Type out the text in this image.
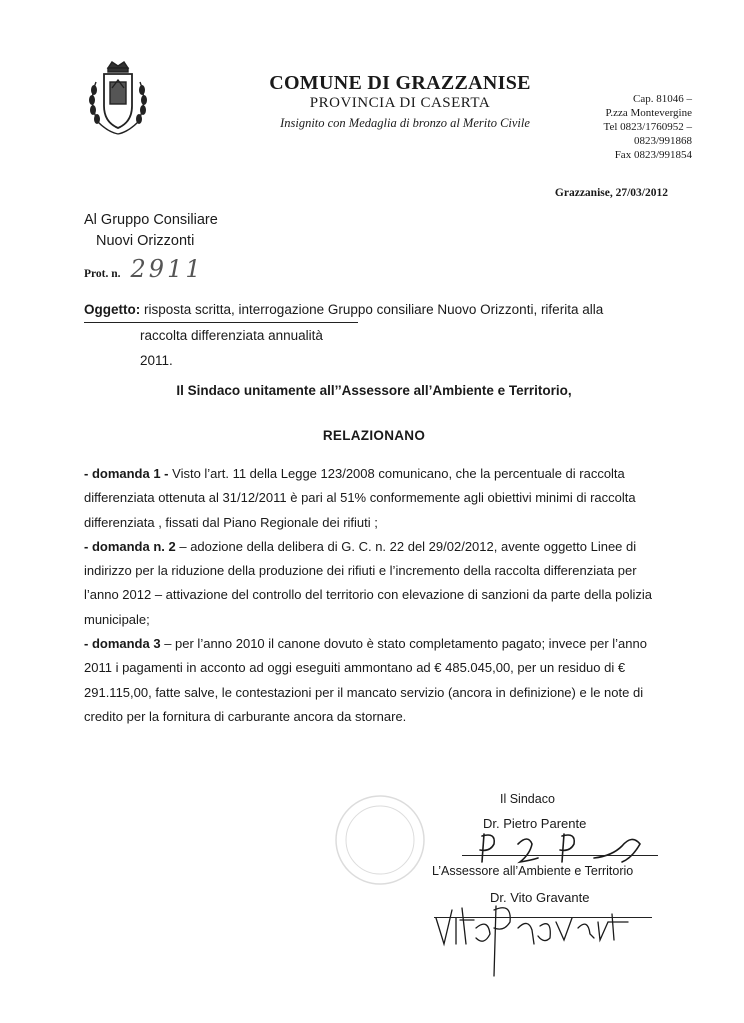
COMUNE DI GRAZZANISE
PROVINCIA DI CASERTA
Insignito con Medaglia di bronzo al Merito Civile
Cap. 81046 –
P.zza Montevergine
Tel 0823/1760952 –
0823/991868
Fax 0823/991854
Grazzanise, 27/03/2012
Al Gruppo Consiliare
Nuovi Orizzonti
Prot. n. 2911
Oggetto: risposta scritta, interrogazione Gruppo consiliare Nuovo Orizzonti, riferita alla
raccolta differenziata annualità 2011.
Il Sindaco unitamente all’’Assessore all’Ambiente e Territorio,
RELAZIONANO

- domanda 1 - Visto l’art. 11 della Legge 123/2008 comunicano, che la percentuale di raccolta differenziata ottenuta al 31/12/2011 è pari al 51% conformemente agli obiettivi minimi di raccolta differenziata , fissati dal Piano Regionale dei rifiuti ;

- domanda n. 2 – adozione della delibera di G. C. n. 22 del 29/02/2012, avente oggetto Linee di indirizzo per la riduzione della produzione dei rifiuti e l’incremento della raccolta differenziata per l’anno 2012 – attivazione del controllo del territorio con elevazione di sanzioni da parte della polizia municipale;

- domanda 3 – per l’anno 2010 il canone dovuto è stato completamento pagato; invece per l’anno 2011 i pagamenti in acconto ad oggi eseguiti ammontano ad € 485.045,00, per un residuo di € 291.115,00, fatte salve, le contestazioni per il mancato servizio (ancora in definizione) e le note di credito per la fornitura di carburante ancora da stornare.

Il Sindaco
Dr. Pietro Parente
L’Assessore all’Ambiente e Territorio
Dr. Vito Gravante
